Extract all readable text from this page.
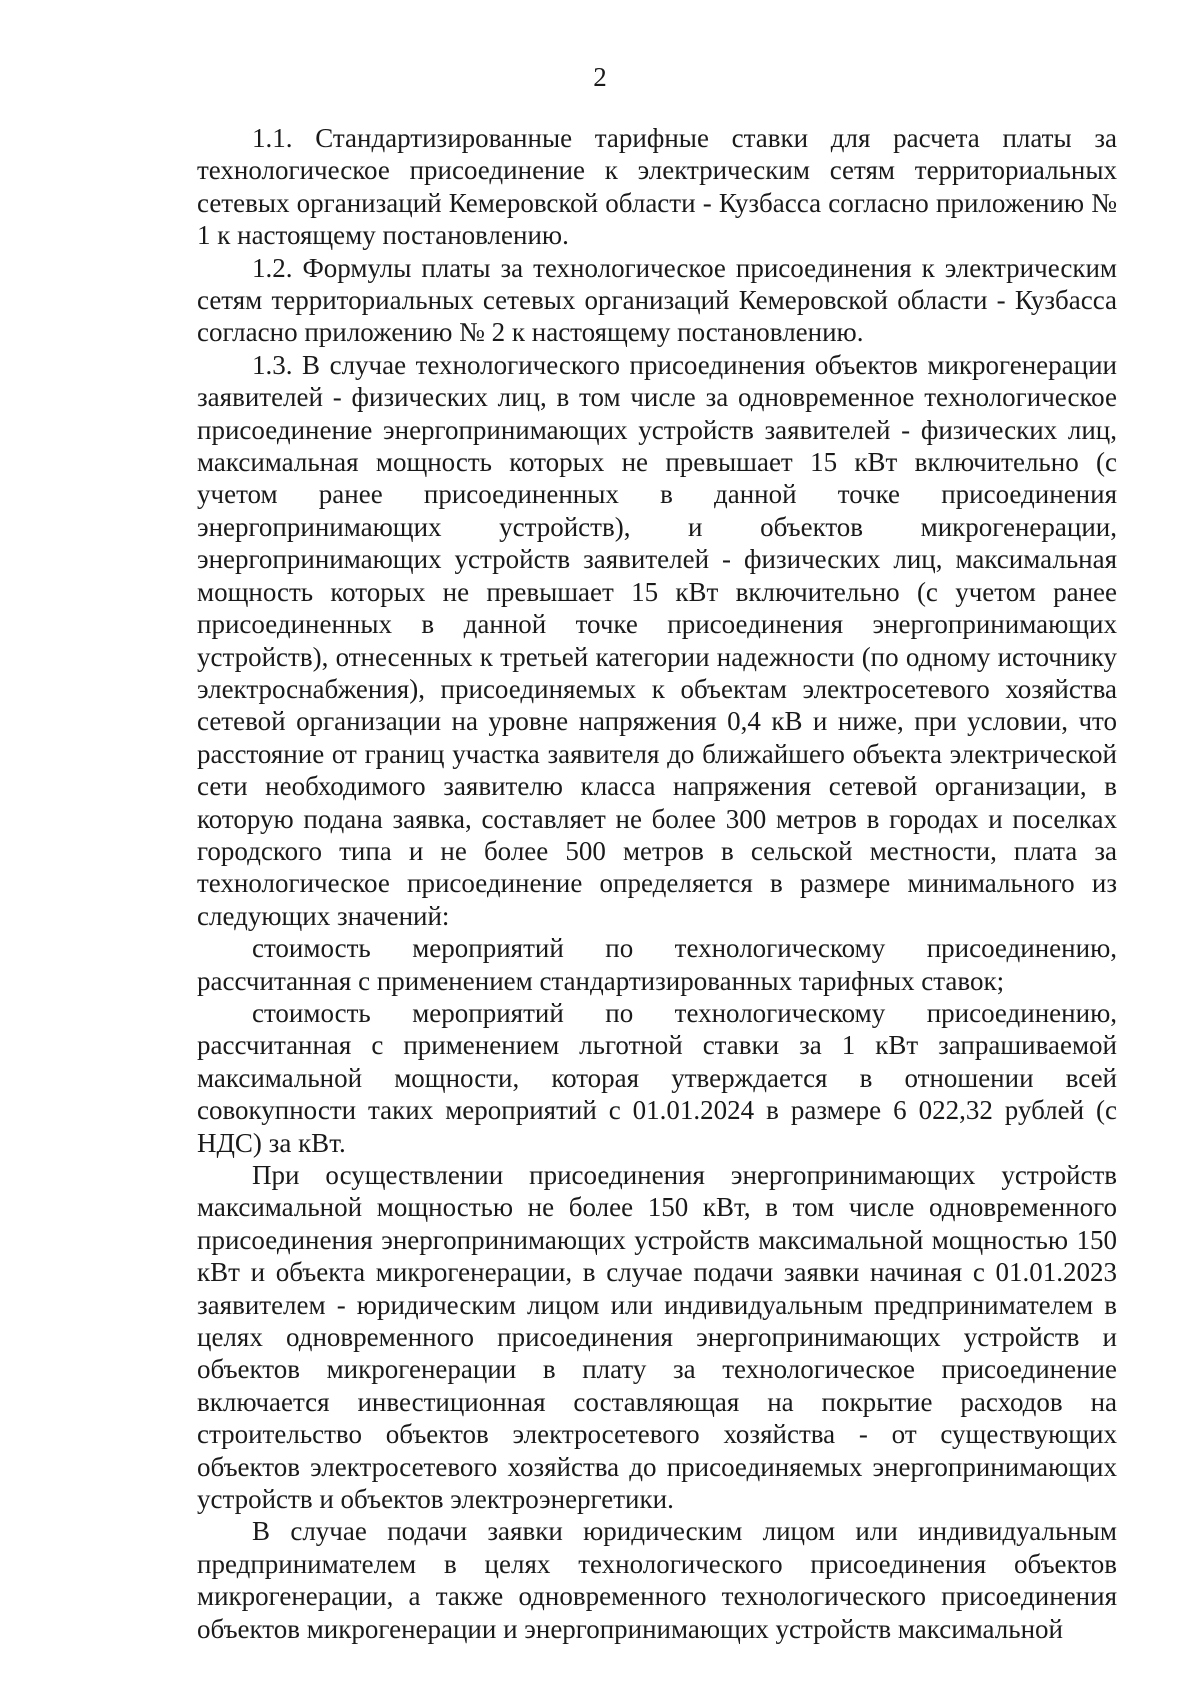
2

1.1. Стандартизированные тарифные ставки для расчета платы за технологическое присоединение к электрическим сетям территориальных сетевых организаций Кемеровской области - Кузбасса согласно приложению № 1 к настоящему постановлению.

1.2. Формулы платы за технологическое присоединения к электрическим сетям территориальных сетевых организаций Кемеровской области - Кузбасса согласно приложению № 2 к настоящему постановлению.

1.3. В случае технологического присоединения объектов микрогенерации заявителей - физических лиц, в том числе за одновременное технологическое присоединение энергопринимающих устройств заявителей - физических лиц, максимальная мощность которых не превышает 15 кВт включительно (с учетом ранее присоединенных в данной точке присоединения энергопринимающих устройств), и объектов микрогенерации, энергопринимающих устройств заявителей - физических лиц, максимальная мощность которых не превышает 15 кВт включительно (с учетом ранее присоединенных в данной точке присоединения энергопринимающих устройств), отнесенных к третьей категории надежности (по одному источнику электроснабжения), присоединяемых к объектам электросетевого хозяйства сетевой организации на уровне напряжения 0,4 кВ и ниже, при условии, что расстояние от границ участка заявителя до ближайшего объекта электрической сети необходимого заявителю класса напряжения сетевой организации, в которую подана заявка, составляет не более 300 метров в городах и поселках городского типа и не более 500 метров в сельской местности, плата за технологическое присоединение определяется в размере минимального из следующих значений:

стоимость мероприятий по технологическому присоединению, рассчитанная с применением стандартизированных тарифных ставок;

стоимость мероприятий по технологическому присоединению, рассчитанная с применением льготной ставки за 1 кВт запрашиваемой максимальной мощности, которая утверждается в отношении всей совокупности таких мероприятий с 01.01.2024 в размере 6 022,32 рублей (с НДС) за кВт.

При осуществлении присоединения энергопринимающих устройств максимальной мощностью не более 150 кВт, в том числе одновременного присоединения энергопринимающих устройств максимальной мощностью 150 кВт и объекта микрогенерации, в случае подачи заявки начиная с 01.01.2023 заявителем - юридическим лицом или индивидуальным предпринимателем в целях одновременного присоединения энергопринимающих устройств и объектов микрогенерации в плату за технологическое присоединение включается инвестиционная составляющая на покрытие расходов на строительство объектов электросетевого хозяйства - от существующих объектов электросетевого хозяйства до присоединяемых энергопринимающих устройств и объектов электроэнергетики.

В случае подачи заявки юридическим лицом или индивидуальным предпринимателем в целях технологического присоединения объектов микрогенерации, а также одновременного технологического присоединения объектов микрогенерации и энергопринимающих устройств максимальной
